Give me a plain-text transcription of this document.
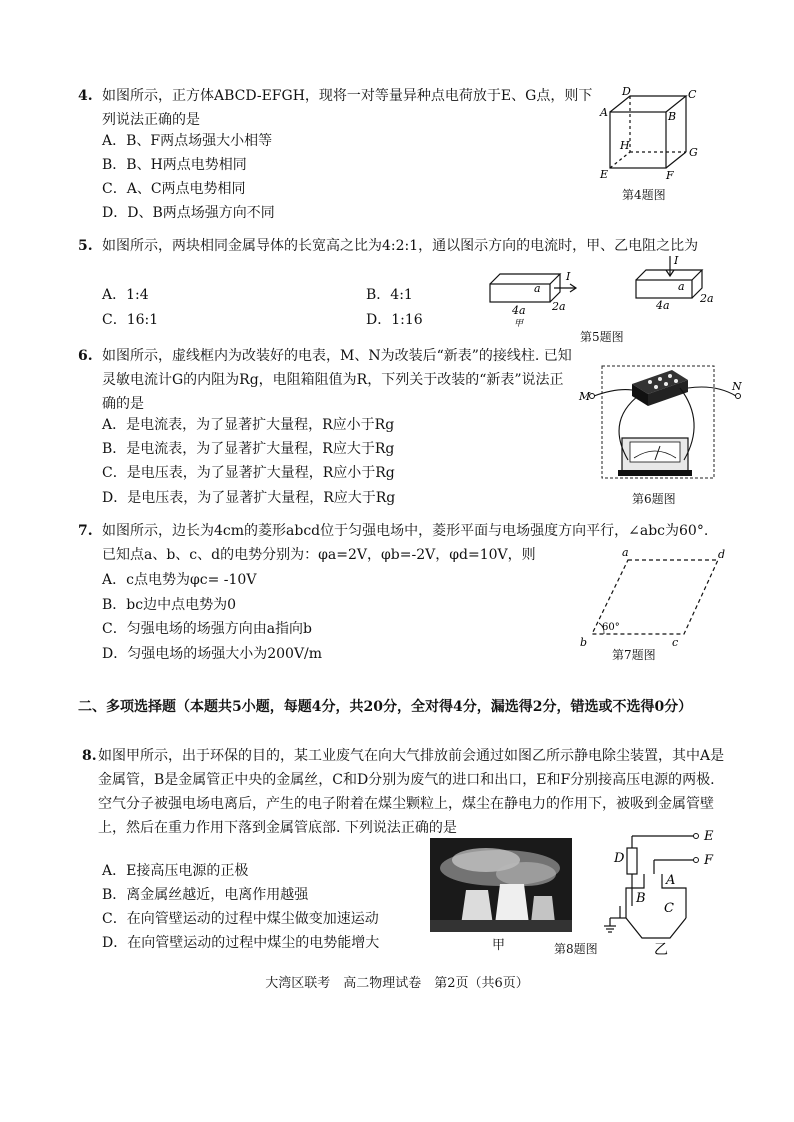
4. 如图所示，正方体ABCD-EFGH，现将一对等量异种点电荷放于E、G点，则下列说法正确的是
A．B、F两点场强大小相等
B．B、H两点电势相同
C．A、C两点电势相同
D．D、B两点场强方向不同
D	C
A	B
H
G
E	F
第4题图
5. 如图所示，两块相同金属导体的长宽高之比为4:2:1，通以图示方向的电流时，甲、乙电阻之比为
A．1:4	B．4:1
C．16:1	D．1:16
I
4a
a
2a
甲
I
4a
a
2a
第5题图
6. 如图所示，虚线框内为改装好的电表，M、N为改装后“新表”的接线柱. 已知灵敏电流计G的内阻为Rg，电阻箱阻值为R，下列关于改装的“新表”说法正确的是
A．是电流表，为了显著扩大量程，R应小于Rg
B．是电流表，为了显著扩大量程，R应大于Rg
C．是电压表，为了显著扩大量程，R应小于Rg
D．是电压表，为了显著扩大量程，R应大于Rg
M
N
第6题图
7. 如图所示，边长为4cm的菱形abcd位于匀强电场中，菱形平面与电场强度方向平行，∠abc为60°. 已知点a、b、c、d的电势分别为：φa=2V，φb=-2V，φd=10V，则
A．c点电势为φc= -10V
B．bc边中点电势为0
C．匀强电场的场强方向由a指向b
D．匀强电场的场强大小为200V/m
a	d
b	c
60°
第7题图
二、多项选择题（本题共5小题，每题4分，共20分，全对得4分，漏选得2分，错选或不选得0分）
8. 如图甲所示，出于环保的目的，某工业废气在向大气排放前会通过如图乙所示静电除尘装置，其中A是金属管，B是金属管正中央的金属丝，C和D分别为废气的进口和出口，E和F分别接高压电源的两极. 空气分子被强电场电离后，产生的电子附着在煤尘颗粒上，煤尘在静电力的作用下，被吸到金属管壁上，然后在重力作用下落到金属管底部. 下列说法正确的是
A．E接高压电源的正极
B．离金属丝越近，电离作用越强
C．在向管壁运动的过程中煤尘做变加速运动
D．在向管壁运动的过程中煤尘的电势能增大	甲	第8题图
E
F
D
B
A
C
乙
大湾区联考　高二物理试卷　第2页（共6页）
